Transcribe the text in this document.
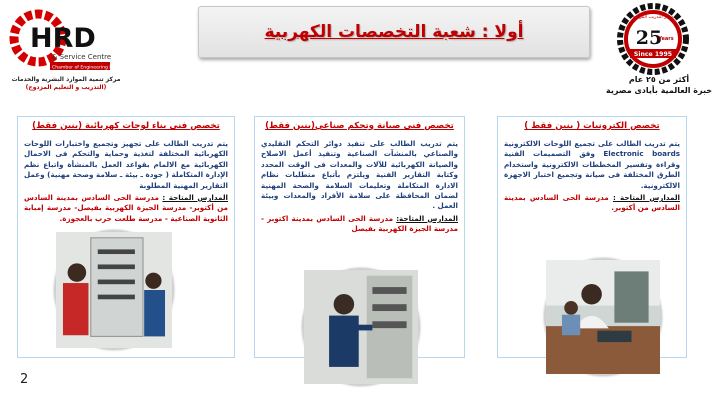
HRD
& Service Centre
Chamber of Engineering Industries
مركز تنمية الموارد البشرية والخدمات
(التدريب و التعليم المزدوج)
أولا : شعبة التخصصات الكهربية
مركز التدريب المزدوج
25
Years
Since 1995
أكثر من ٢٥ عام
خبرة العالمية بأيادى مصرية
تخصص الكترونيات ( بنين فقط )

يتم تدريب الطالب على تجميع اللوحات الالكترونية Electronic boards وفق التصميمات الفنية وقراءة وتفسير المخططات الالكترونية واستخدام الطرق المختلفة فى صيانة وتجميع اختبار الاجهزة الالكترونية.

المدارس المتاحة : مدرسة الحى السادس بمدينة السادس من أكتوبر.

تخصص فنى صيانة وتحكم صناعي(بنين فقط)

يتم تدريب الطالب على تنفيذ دوائر التحكم التقليدي والصناعي بالمنشآت الصناعية وتنفيذ أعمل الاصلاح والصيانة الكهربائية للآلات والمعدات فى الوقت المحدد وكتابة التقارير الفنية ويلتزم بأتباع متطلبات نظام الادارة المتكاملة وتعليمات السلامة والصحة المهنية لضمان المحافظة على سلامة الأفراد والمعدات وبيئة العمل .

المدارس المتاحة: مدرسة الحى السادس بمدينة اكتوبر - مدرسة الجيزة الكهربية بفيصل

تخصص فنى بناء لوحات كهربائية (بنين فقط)

يتم تدريب الطالب على تجهيز وتجميع واختبارات اللوحات الكهربائية المختلفة لتغذية وحماية والتحكم فى الاحمال الكهربائية مع الالمام بقواعد العمل بالمنشأة واتباع نظم الإدارة المتكاملة ( جودة ـ بيئة ـ سلامة وصحة مهنية) وعمل التقارير المهنية المطلوبة

المدارس المتاحة : مدرسة الحى السادس بمدينة السادس من أكتوبر- مدرسة الجيزة الكهربية بفيصل- مدرسة إمبابة الثانوية الصناعية - مدرسة طلعت حرب بالعجوزة.

2
